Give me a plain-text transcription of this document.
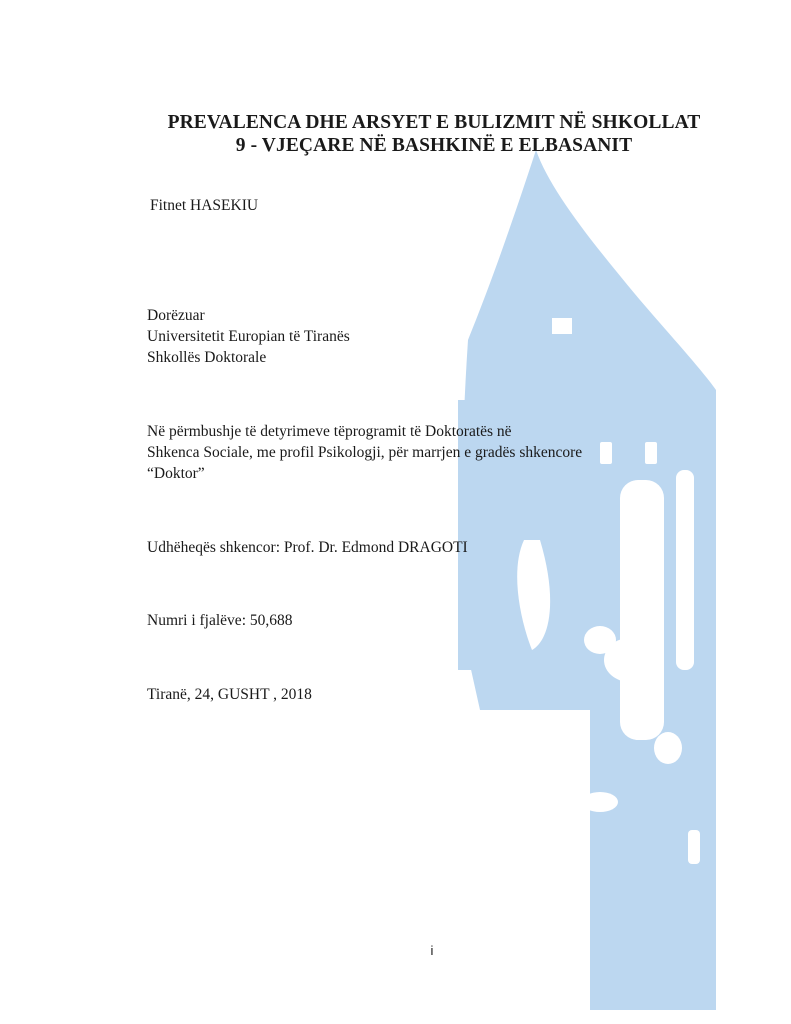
PREVALENCA DHE ARSYET E BULIZMIT NË SHKOLLAT
9 - VJEÇARE NË BASHKINË E ELBASANIT
Fitnet HASEKIU
Dorëzuar
Universitetit Europian të Tiranës
Shkollës Doktorale
Në përmbushje të detyrimeve tëprogramit të Doktoratës në
Shkenca Sociale, me profil Psikologji, për marrjen e gradës shkencore
“Doktor”
Udhëheqës shkencor: Prof. Dr. Edmond DRAGOTI
Numri i fjalëve: 50,688
Tiranë, 24, GUSHT , 2018
i
